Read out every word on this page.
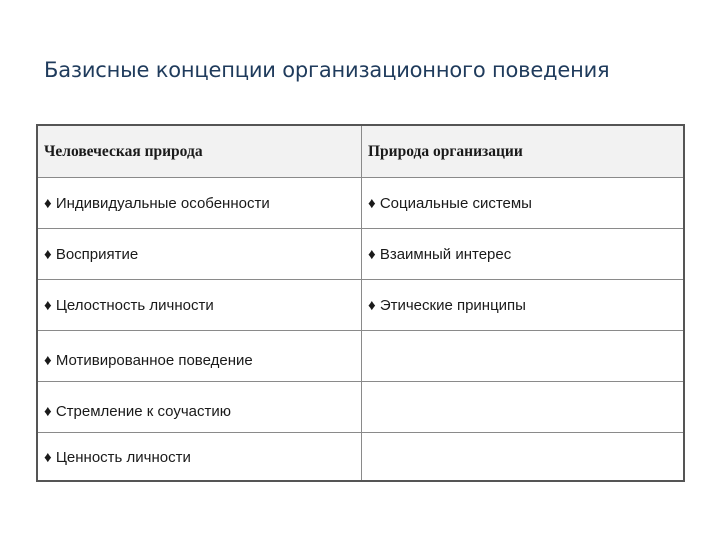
Базисные концепции организационного поведения
Человеческая природа	Природа организации
♦ Индивидуальные особенности	♦ Социальные системы
♦ Восприятие	♦ Взаимный интерес
♦ Целостность личности	♦ Этические принципы
♦ Мотивированное поведение
♦ Стремление к соучастию
♦ Ценность личности
